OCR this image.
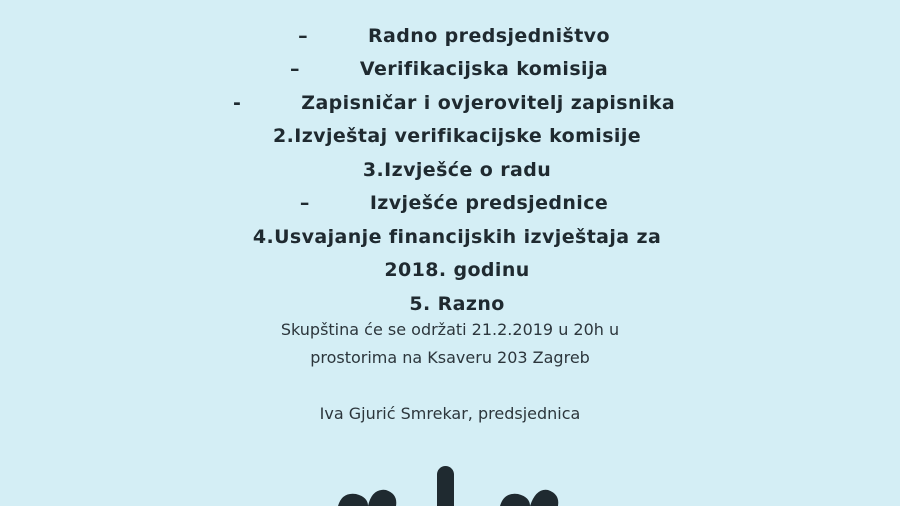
–	Radno predsjedništvo

–	Verifikacijska komisija

-	Zapisničar i ovjerovitelj zapisnika

2.Izvještaj verifikacijske komisije

3.Izvješće o radu

–	Izvješće predsjednice

4.Usvajanje financijskih izvještaja za

2018. godinu

5. Razno

Skupština će se održati 21.2.2019 u 20h u
prostorima na Ksaveru 203 Zagreb
Iva Gjurić Smrekar, predsjednica
